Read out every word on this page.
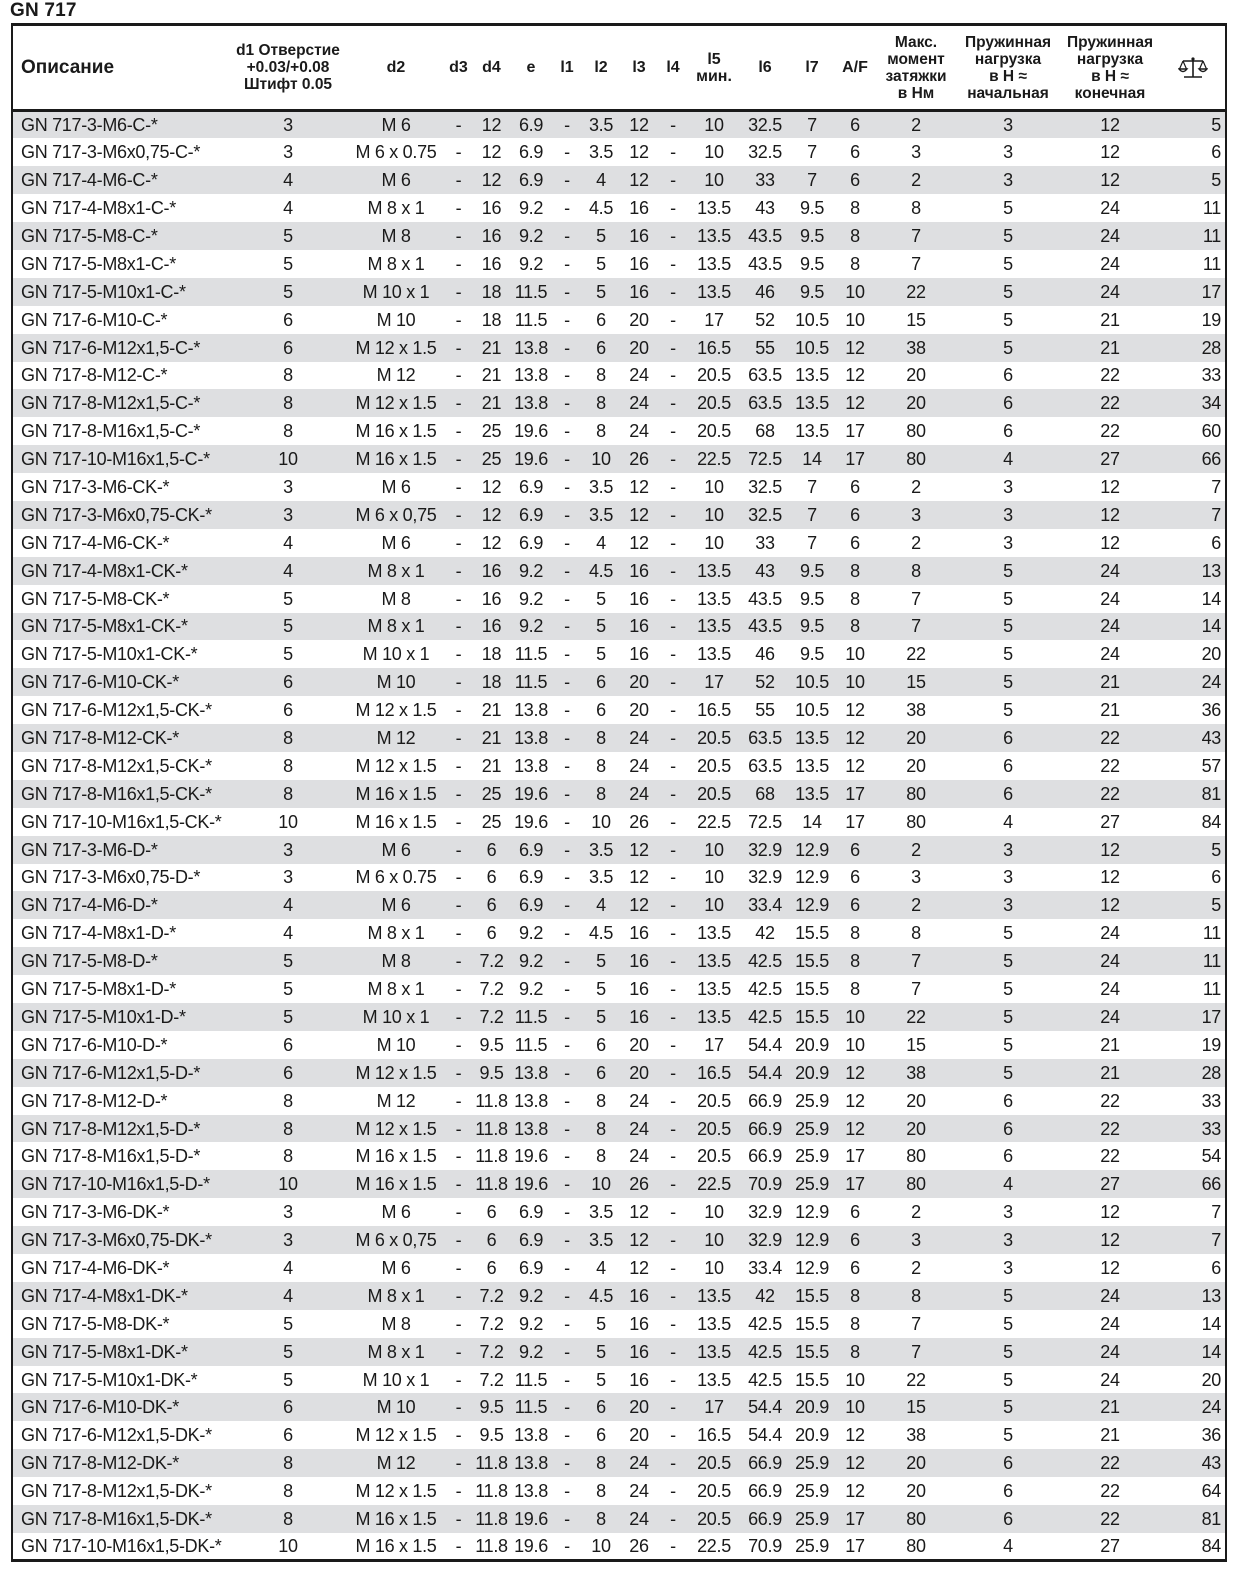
GN 717
Описание	d1 Отверстие
+0.03/+0.08
Штифт 0.05	d2	d3	d4	e	l1	l2	l3	l4	l5
мин.	l6	l7	A/F	Макс.
момент
затяжки
в Нм	Пружинная
нагрузка
в Н ≈
начальная	Пружинная
нагрузка
в Н ≈
конечная	

GN 717-3-M6-C-*	3	M 6	-	12	6.9	-	3.5	12	-	10	32.5	7	6	2	3	12	5
GN 717-3-M6x0,75-C-*	3	M 6 x 0.75	-	12	6.9	-	3.5	12	-	10	32.5	7	6	3	3	12	6
GN 717-4-M6-C-*	4	M 6	-	12	6.9	-	4	12	-	10	33	7	6	2	3	12	5
GN 717-4-M8x1-C-*	4	M 8 x 1	-	16	9.2	-	4.5	16	-	13.5	43	9.5	8	8	5	24	11
GN 717-5-M8-C-*	5	M 8	-	16	9.2	-	5	16	-	13.5	43.5	9.5	8	7	5	24	11
GN 717-5-M8x1-C-*	5	M 8 x 1	-	16	9.2	-	5	16	-	13.5	43.5	9.5	8	7	5	24	11
GN 717-5-M10x1-C-*	5	M 10 x 1	-	18	11.5	-	5	16	-	13.5	46	9.5	10	22	5	24	17
GN 717-6-M10-C-*	6	M 10	-	18	11.5	-	6	20	-	17	52	10.5	10	15	5	21	19
GN 717-6-M12x1,5-C-*	6	M 12 x 1.5	-	21	13.8	-	6	20	-	16.5	55	10.5	12	38	5	21	28
GN 717-8-M12-C-*	8	M 12	-	21	13.8	-	8	24	-	20.5	63.5	13.5	12	20	6	22	33
GN 717-8-M12x1,5-C-*	8	M 12 x 1.5	-	21	13.8	-	8	24	-	20.5	63.5	13.5	12	20	6	22	34
GN 717-8-M16x1,5-C-*	8	M 16 x 1.5	-	25	19.6	-	8	24	-	20.5	68	13.5	17	80	6	22	60
GN 717-10-M16x1,5-C-*	10	M 16 x 1.5	-	25	19.6	-	10	26	-	22.5	72.5	14	17	80	4	27	66
GN 717-3-M6-CK-*	3	M 6	-	12	6.9	-	3.5	12	-	10	32.5	7	6	2	3	12	7
GN 717-3-M6x0,75-CK-*	3	M 6 x 0,75	-	12	6.9	-	3.5	12	-	10	32.5	7	6	3	3	12	7
GN 717-4-M6-CK-*	4	M 6	-	12	6.9	-	4	12	-	10	33	7	6	2	3	12	6
GN 717-4-M8x1-CK-*	4	M 8 x 1	-	16	9.2	-	4.5	16	-	13.5	43	9.5	8	8	5	24	13
GN 717-5-M8-CK-*	5	M 8	-	16	9.2	-	5	16	-	13.5	43.5	9.5	8	7	5	24	14
GN 717-5-M8x1-CK-*	5	M 8 x 1	-	16	9.2	-	5	16	-	13.5	43.5	9.5	8	7	5	24	14
GN 717-5-M10x1-CK-*	5	M 10 x 1	-	18	11.5	-	5	16	-	13.5	46	9.5	10	22	5	24	20
GN 717-6-M10-CK-*	6	M 10	-	18	11.5	-	6	20	-	17	52	10.5	10	15	5	21	24
GN 717-6-M12x1,5-CK-*	6	M 12 x 1.5	-	21	13.8	-	6	20	-	16.5	55	10.5	12	38	5	21	36
GN 717-8-M12-CK-*	8	M 12	-	21	13.8	-	8	24	-	20.5	63.5	13.5	12	20	6	22	43
GN 717-8-M12x1,5-CK-*	8	M 12 x 1.5	-	21	13.8	-	8	24	-	20.5	63.5	13.5	12	20	6	22	57
GN 717-8-M16x1,5-CK-*	8	M 16 x 1.5	-	25	19.6	-	8	24	-	20.5	68	13.5	17	80	6	22	81
GN 717-10-M16x1,5-CK-*	10	M 16 x 1.5	-	25	19.6	-	10	26	-	22.5	72.5	14	17	80	4	27	84
GN 717-3-M6-D-*	3	M 6	-	6	6.9	-	3.5	12	-	10	32.9	12.9	6	2	3	12	5
GN 717-3-M6x0,75-D-*	3	M 6 x 0.75	-	6	6.9	-	3.5	12	-	10	32.9	12.9	6	3	3	12	6
GN 717-4-M6-D-*	4	M 6	-	6	6.9	-	4	12	-	10	33.4	12.9	6	2	3	12	5
GN 717-4-M8x1-D-*	4	M 8 x 1	-	6	9.2	-	4.5	16	-	13.5	42	15.5	8	8	5	24	11
GN 717-5-M8-D-*	5	M 8	-	7.2	9.2	-	5	16	-	13.5	42.5	15.5	8	7	5	24	11
GN 717-5-M8x1-D-*	5	M 8 x 1	-	7.2	9.2	-	5	16	-	13.5	42.5	15.5	8	7	5	24	11
GN 717-5-M10x1-D-*	5	M 10 x 1	-	7.2	11.5	-	5	16	-	13.5	42.5	15.5	10	22	5	24	17
GN 717-6-M10-D-*	6	M 10	-	9.5	11.5	-	6	20	-	17	54.4	20.9	10	15	5	21	19
GN 717-6-M12x1,5-D-*	6	M 12 x 1.5	-	9.5	13.8	-	6	20	-	16.5	54.4	20.9	12	38	5	21	28
GN 717-8-M12-D-*	8	M 12	-	11.8	13.8	-	8	24	-	20.5	66.9	25.9	12	20	6	22	33
GN 717-8-M12x1,5-D-*	8	M 12 x 1.5	-	11.8	13.8	-	8	24	-	20.5	66.9	25.9	12	20	6	22	33
GN 717-8-M16x1,5-D-*	8	M 16 x 1.5	-	11.8	19.6	-	8	24	-	20.5	66.9	25.9	17	80	6	22	54
GN 717-10-M16x1,5-D-*	10	M 16 x 1.5	-	11.8	19.6	-	10	26	-	22.5	70.9	25.9	17	80	4	27	66
GN 717-3-M6-DK-*	3	M 6	-	6	6.9	-	3.5	12	-	10	32.9	12.9	6	2	3	12	7
GN 717-3-M6x0,75-DK-*	3	M 6 x 0,75	-	6	6.9	-	3.5	12	-	10	32.9	12.9	6	3	3	12	7
GN 717-4-M6-DK-*	4	M 6	-	6	6.9	-	4	12	-	10	33.4	12.9	6	2	3	12	6
GN 717-4-M8x1-DK-*	4	M 8 x 1	-	7.2	9.2	-	4.5	16	-	13.5	42	15.5	8	8	5	24	13
GN 717-5-M8-DK-*	5	M 8	-	7.2	9.2	-	5	16	-	13.5	42.5	15.5	8	7	5	24	14
GN 717-5-M8x1-DK-*	5	M 8 x 1	-	7.2	9.2	-	5	16	-	13.5	42.5	15.5	8	7	5	24	14
GN 717-5-M10x1-DK-*	5	M 10 x 1	-	7.2	11.5	-	5	16	-	13.5	42.5	15.5	10	22	5	24	20
GN 717-6-M10-DK-*	6	M 10	-	9.5	11.5	-	6	20	-	17	54.4	20.9	10	15	5	21	24
GN 717-6-M12x1,5-DK-*	6	M 12 x 1.5	-	9.5	13.8	-	6	20	-	16.5	54.4	20.9	12	38	5	21	36
GN 717-8-M12-DK-*	8	M 12	-	11.8	13.8	-	8	24	-	20.5	66.9	25.9	12	20	6	22	43
GN 717-8-M12x1,5-DK-*	8	M 12 x 1.5	-	11.8	13.8	-	8	24	-	20.5	66.9	25.9	12	20	6	22	64
GN 717-8-M16x1,5-DK-*	8	M 16 x 1.5	-	11.8	19.6	-	8	24	-	20.5	66.9	25.9	17	80	6	22	81
GN 717-10-M16x1,5-DK-*	10	M 16 x 1.5	-	11.8	19.6	-	10	26	-	22.5	70.9	25.9	17	80	4	27	84
